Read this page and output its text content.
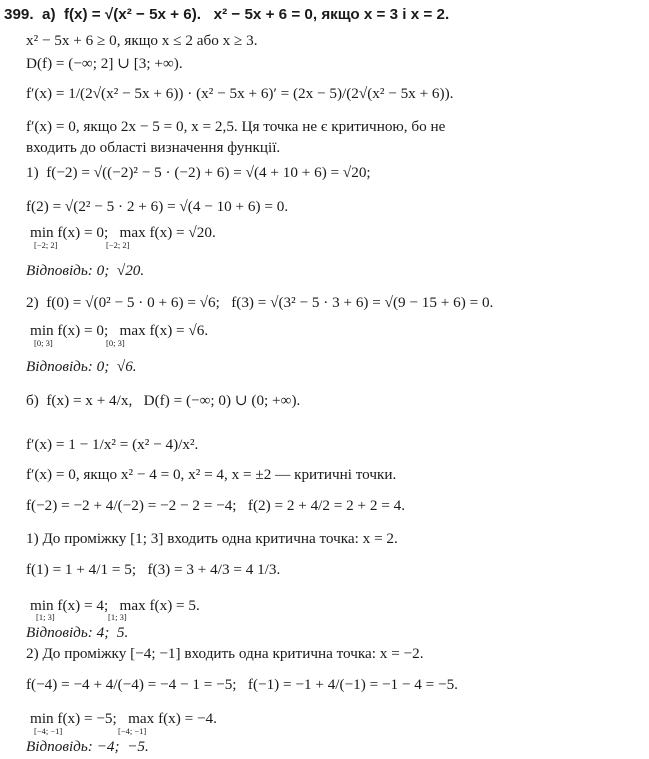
399.  а)  f(x) = √(x² − 5x + 6).   x² − 5x + 6 = 0, якщо x = 3 і x = 2.
x² − 5x + 6 ≥ 0, якщо x ≤ 2 або x ≥ 3.
D(f) = (−∞; 2] ∪ [3; +∞).
f′(x) = 1/(2√(x² − 5x + 6)) · (x² − 5x + 6)′ = (2x − 5)/(2√(x² − 5x + 6)).
f′(x) = 0, якщо 2x − 5 = 0, x = 2,5. Ця точка не є критичною, бо не
входить до області визначення функції.
1)  f(−2) = √((−2)² − 5 · (−2) + 6) = √(4 + 10 + 6) = √20;
f(2) = √(2² − 5 · 2 + 6) = √(4 − 10 + 6) = 0.
min f(x) = 0;   max f(x) = √20.
[−2; 2]	[−2; 2]
Відповідь: 0;  √20.
2)  f(0) = √(0² − 5 · 0 + 6) = √6;   f(3) = √(3² − 5 · 3 + 6) = √(9 − 15 + 6) = 0.
min f(x) = 0;   max f(x) = √6.
[0; 3]	[0; 3]
Відповідь: 0;  √6.
б)  f(x) = x + 4/x,   D(f) = (−∞; 0) ∪ (0; +∞).
f′(x) = 1 − 1/x² = (x² − 4)/x².
f′(x) = 0, якщо x² − 4 = 0, x² = 4, x = ±2 — критичні точки.
f(−2) = −2 + 4/(−2) = −2 − 2 = −4;   f(2) = 2 + 4/2 = 2 + 2 = 4.
1) До проміжку [1; 3] входить одна критична точка: x = 2.
f(1) = 1 + 4/1 = 5;   f(3) = 3 + 4/3 = 4 1/3.
min f(x) = 4;   max f(x) = 5.
[1; 3]	[1; 3]
Відповідь: 4;  5.
2) До проміжку [−4; −1] входить одна критична точка: x = −2.
f(−4) = −4 + 4/(−4) = −4 − 1 = −5;   f(−1) = −1 + 4/(−1) = −1 − 4 = −5.
min f(x) = −5;   max f(x) = −4.
[−4; −1]	[−4; −1]
Відповідь: −4;  −5.
